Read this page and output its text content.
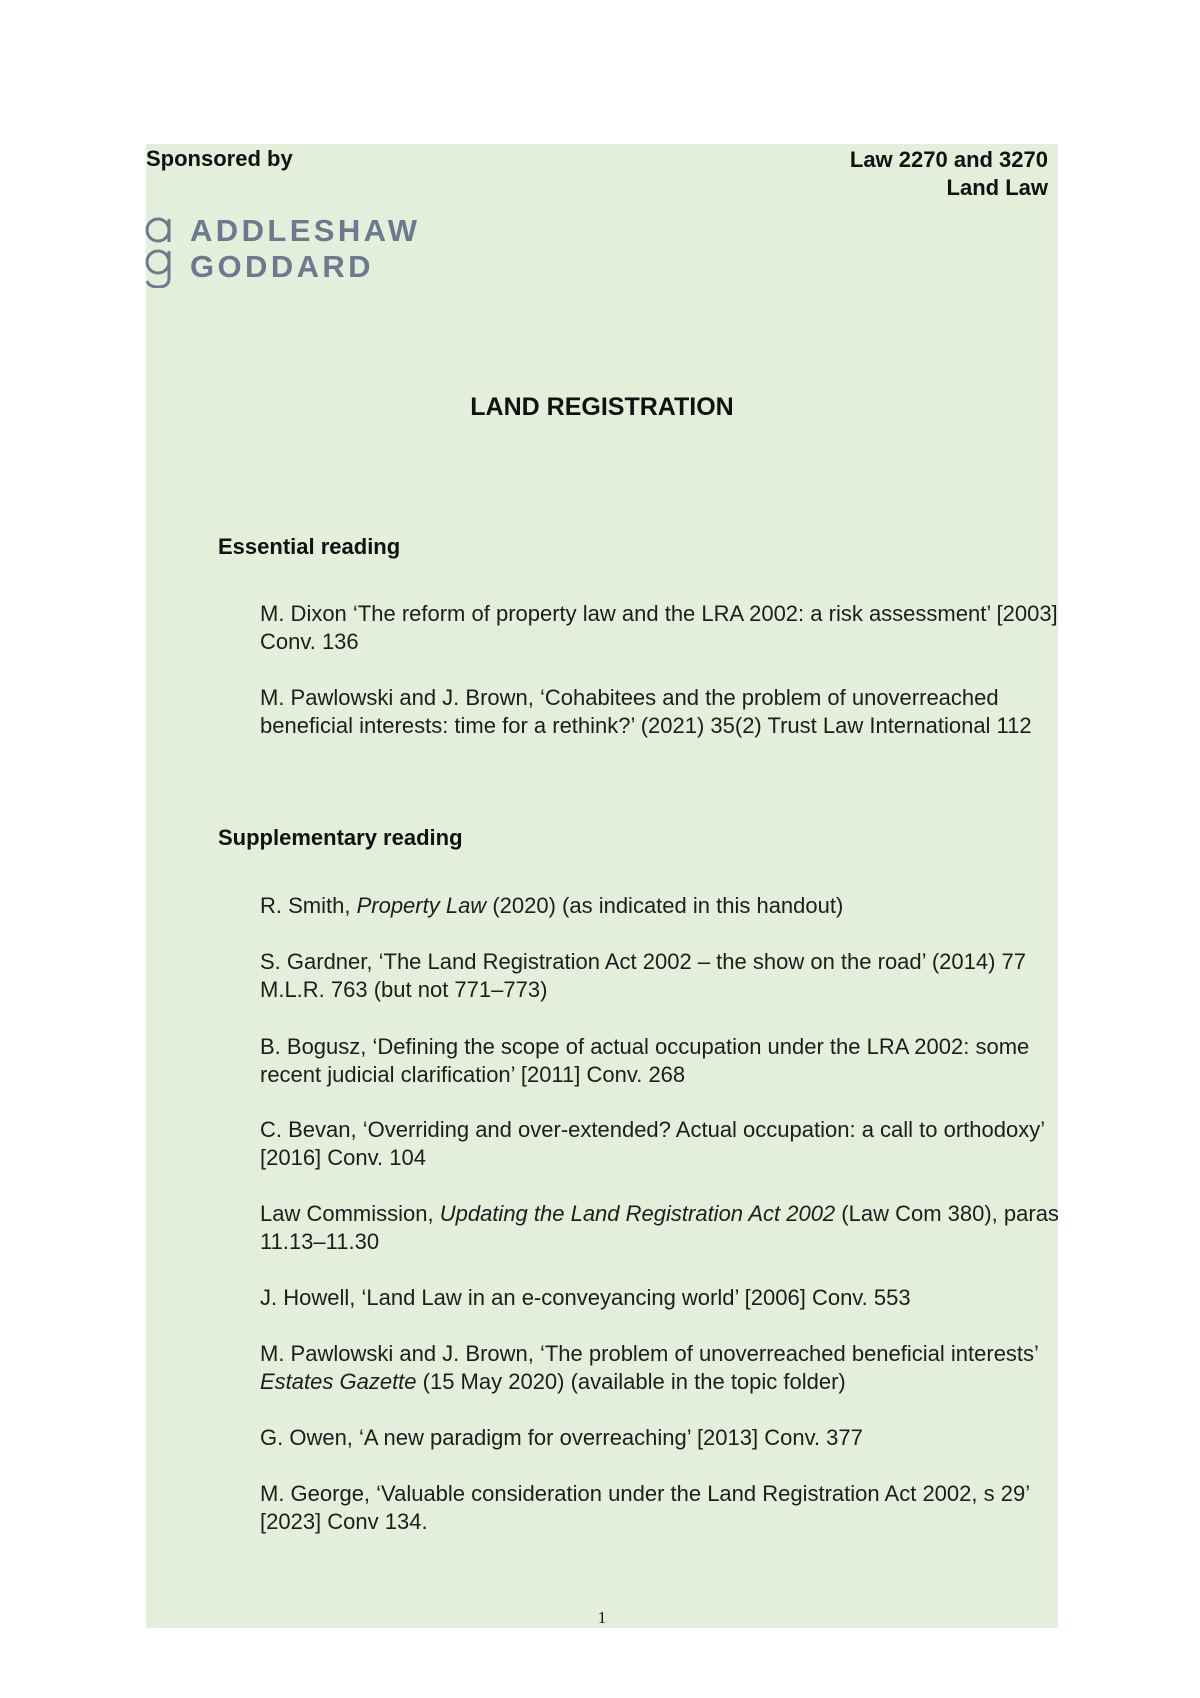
Sponsored by	Law 2270 and 3270
Land Law
ADDLESHAW
GODDARD
LAND REGISTRATION
Essential reading
M. Dixon ‘The reform of property law and the LRA 2002: a risk assessment’ [2003] Conv. 136
M. Pawlowski and J. Brown, ‘Cohabitees and the problem of unoverreached beneficial interests: time for a rethink?’ (2021) 35(2) Trust Law International 112
Supplementary reading
R. Smith, Property Law (2020) (as indicated in this handout)
S. Gardner, ‘The Land Registration Act 2002 – the show on the road’ (2014) 77 M.L.R. 763 (but not 771–773)
B. Bogusz, ‘Defining the scope of actual occupation under the LRA 2002: some recent judicial clarification’ [2011] Conv. 268
C. Bevan, ‘Overriding and over-extended? Actual occupation: a call to orthodoxy’ [2016] Conv. 104
Law Commission, Updating the Land Registration Act 2002 (Law Com 380), paras 11.13–11.30
J. Howell, ‘Land Law in an e-conveyancing world’ [2006] Conv. 553
M. Pawlowski and J. Brown, ‘The problem of unoverreached beneficial interests’ Estates Gazette (15 May 2020) (available in the topic folder)
G. Owen, ‘A new paradigm for overreaching’ [2013] Conv. 377
M. George, ‘Valuable consideration under the Land Registration Act 2002, s 29’ [2023] Conv 134.
1
